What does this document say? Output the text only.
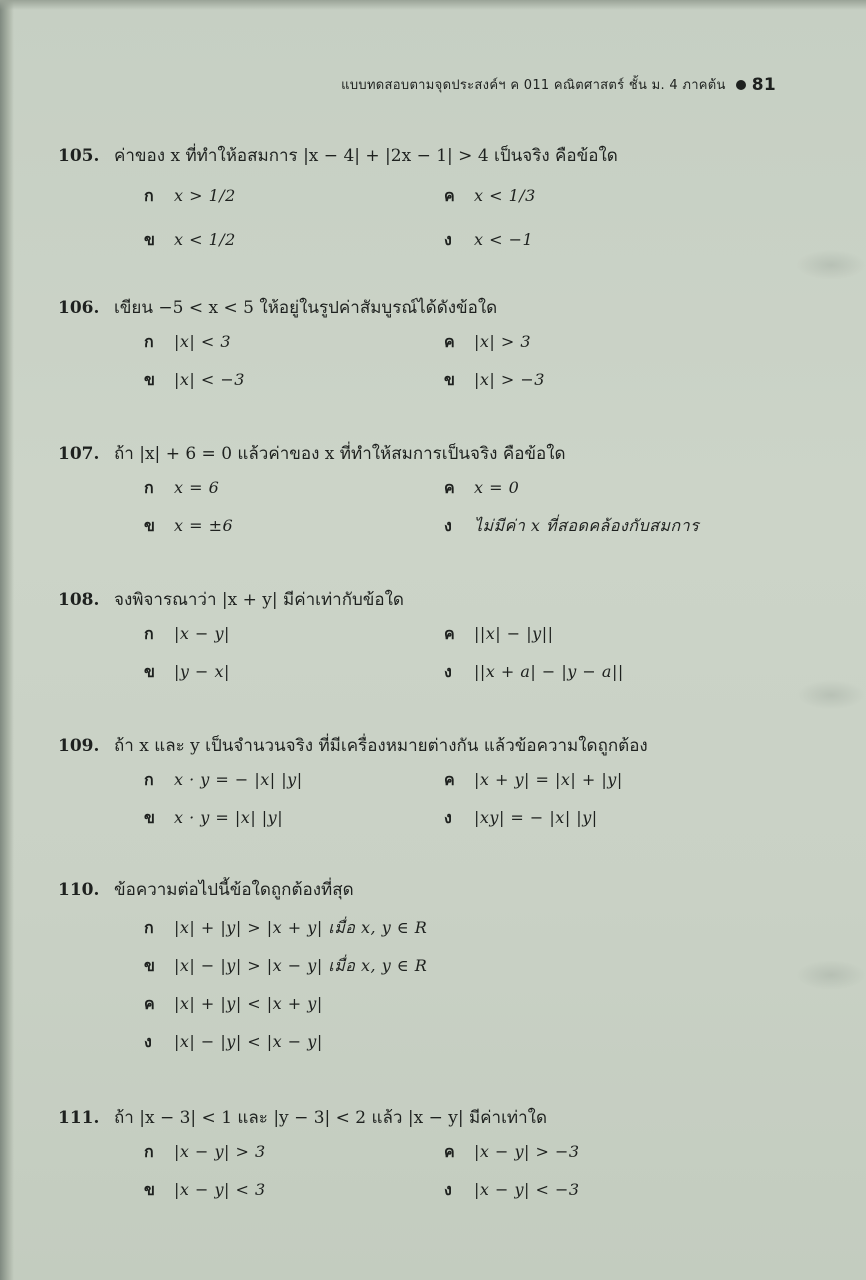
แบบทดสอบตามจุดประสงค์ฯ ค 011 คณิตศาสตร์ ชั้น ม. 4 ภาคต้น 81
105. ค่าของ x ที่ทำให้อสมการ |x − 4| + |2x − 1| > 4 เป็นจริง คือข้อใด
ก	x > 1/2	ค	x < 1/3
ข	x < 1/2	ง	x < −1
106. เขียน −5 < x < 5 ให้อยู่ในรูปค่าสัมบูรณ์ได้ดังข้อใด
ก	|x| < 3	ค	|x| > 3
ข	|x| < −3	ข	|x| > −3
107. ถ้า |x| + 6 = 0 แล้วค่าของ x ที่ทำให้สมการเป็นจริง คือข้อใด
ก	x = 6	ค	x = 0
ข	x = ±6	ง	ไม่มีค่า x ที่สอดคล้องกับสมการ
108. จงพิจารณาว่า |x + y| มีค่าเท่ากับข้อใด
ก	|x − y|	ค	||x| − |y||
ข	|y − x|	ง	||x + a| − |y − a||
109. ถ้า x และ y เป็นจำนวนจริง ที่มีเครื่องหมายต่างกัน แล้วข้อความใดถูกต้อง
ก	x · y = − |x| |y|	ค	|x + y| = |x| + |y|
ข	x · y = |x| |y|	ง	|xy| = − |x| |y|
110. ข้อความต่อไปนี้ข้อใดถูกต้องที่สุด
ก	|x| + |y| > |x + y| เมื่อ x, y ∈ R
ข	|x| − |y| > |x − y| เมื่อ x, y ∈ R
ค	|x| + |y| < |x + y|
ง	|x| − |y| < |x − y|
111. ถ้า |x − 3| < 1 และ |y − 3| < 2 แล้ว |x − y| มีค่าเท่าใด
ก	|x − y| > 3	ค	|x − y| > −3
ข	|x − y| < 3	ง	|x − y| < −3
